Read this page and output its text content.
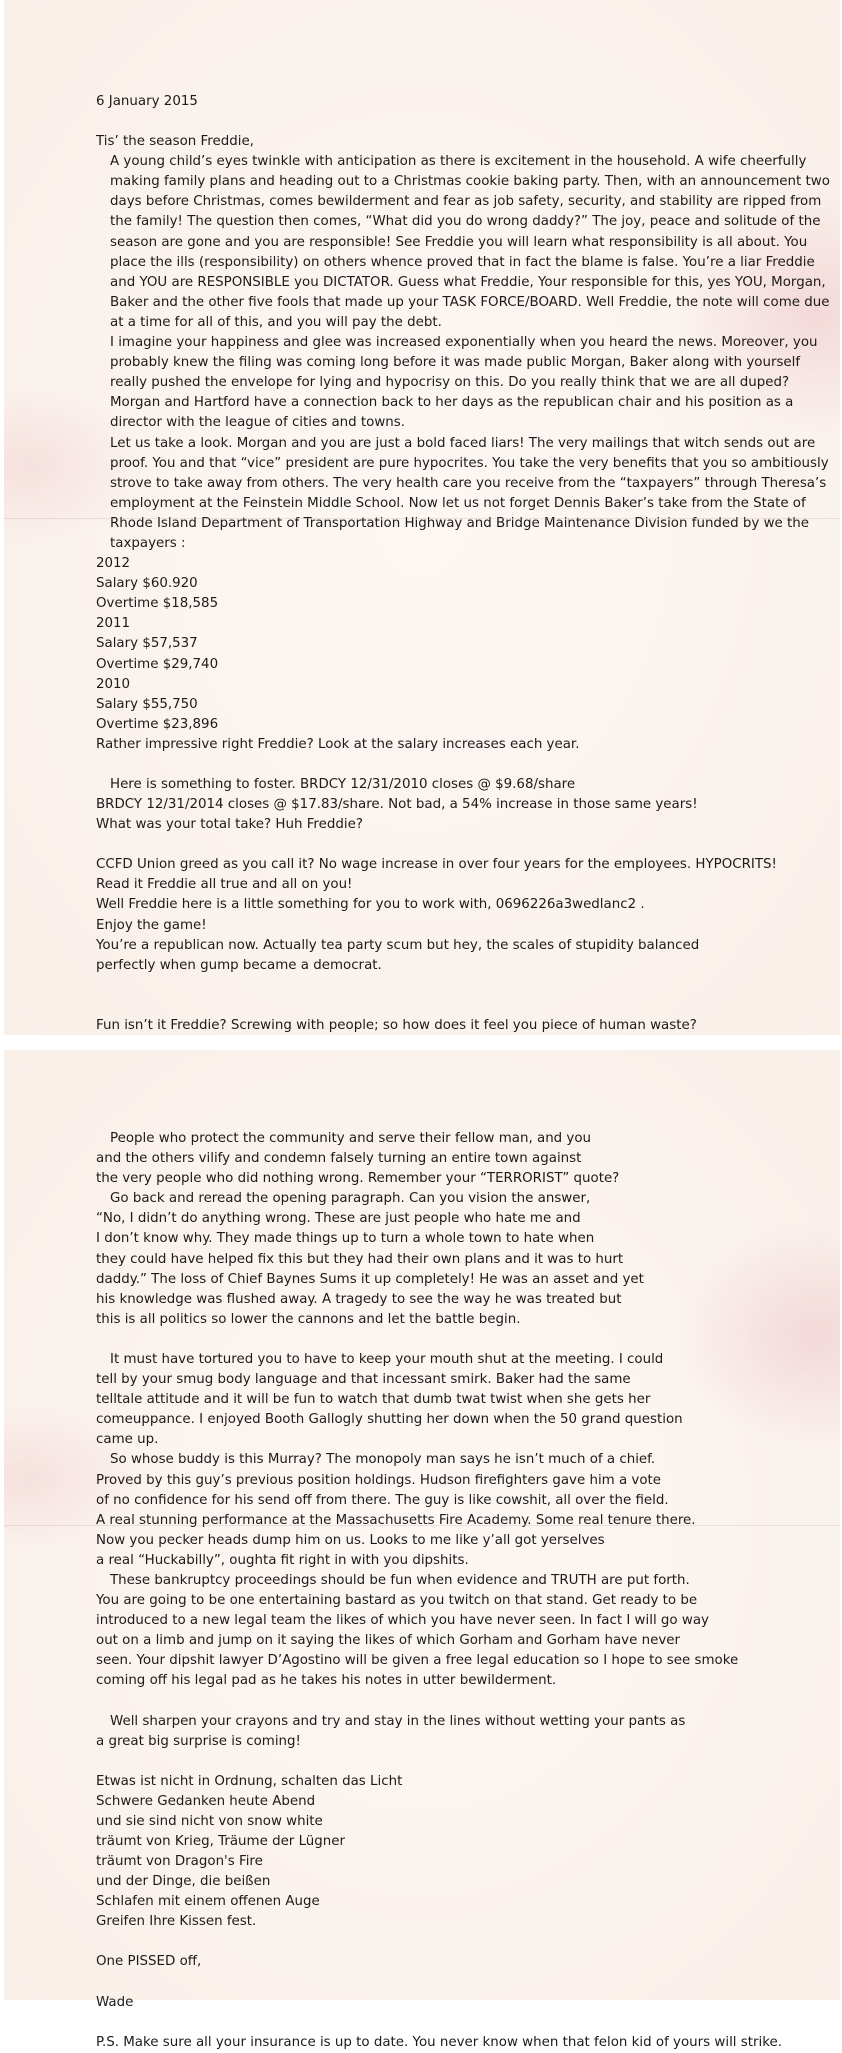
6 January 2015

Tis’ the season Freddie,

A young child’s eyes twinkle with anticipation as there is excitement in the household. A wife cheerfully making family plans and heading out to a Christmas cookie baking party. Then, with an announcement two days before Christmas, comes bewilderment and fear as job safety, security, and stability are ripped from the family! The question then comes, “What did you do wrong daddy?” The joy, peace and solitude of the season are gone and you are responsible! See Freddie you will learn what responsibility is all about. You place the ills (responsibility) on others whence proved that in fact the blame is false. You’re a liar Freddie and YOU are RESPONSIBLE you DICTATOR. Guess what Freddie, Your responsible for this, yes YOU, Morgan, Baker and the other five fools that made up your TASK FORCE/BOARD. Well Freddie, the note will come due at a time for all of this, and you will pay the debt.

I imagine your happiness and glee was increased exponentially when you heard the news. Moreover, you probably knew the filing was coming long before it was made public Morgan, Baker along with yourself really pushed the envelope for lying and hypocrisy on this. Do you really think that we are all duped? Morgan and Hartford have a connection back to her days as the republican chair and his position as a director with the league of cities and towns.

Let us take a look. Morgan and you are just a bold faced liars! The very mailings that witch sends out are proof. You and that “vice” president are pure hypocrites. You take the very benefits that you so ambitiously strove to take away from others. The very health care you receive from the “taxpayers” through Theresa’s employment at the Feinstein Middle School. Now let us not forget Dennis Baker’s take from the State of Rhode Island Department of Transportation Highway and Bridge Maintenance Division funded by we the taxpayers :

2012

Salary $60.920

Overtime $18,585

2011

Salary $57,537

Overtime $29,740

2010

Salary $55,750

Overtime $23,896

Rather impressive right Freddie? Look at the salary increases each year.

Here is something to foster. BRDCY 12/31/2010 closes @ $9.68/share

BRDCY 12/31/2014 closes @ $17.83/share. Not bad, a 54% increase in those same years!

What was your total take? Huh Freddie?

CCFD Union greed as you call it? No wage increase in over four years for the employees. HYPOCRITS!

Read it Freddie all true and all on you!

Well Freddie here is a little something for you to work with, 0696226a3wedlanc2 .

Enjoy the game!

You’re a republican now. Actually tea party scum but hey, the scales of stupidity balanced

perfectly when gump became a democrat.

Fun isn’t it Freddie? Screwing with people; so how does it feel you piece of human waste?

People who protect the community and serve their fellow man, and you

and the others vilify and condemn falsely turning an entire town against

the very people who did nothing wrong. Remember your “TERRORIST” quote?

Go back and reread the opening paragraph. Can you vision the answer,

“No, I didn’t do anything wrong. These are just people who hate me and

I don’t know why. They made things up to turn a whole town to hate when

they could have helped fix this but they had their own plans and it was to hurt

daddy.” The loss of Chief Baynes Sums it up completely! He was an asset and yet

his knowledge was flushed away. A tragedy to see the way he was treated but

this is all politics so lower the cannons and let the battle begin.

It must have tortured you to have to keep your mouth shut at the meeting. I could

tell by your smug body language and that incessant smirk. Baker had the same

telltale attitude and it will be fun to watch that dumb twat twist when she gets her

comeuppance. I enjoyed Booth Gallogly shutting her down when the 50 grand question

came up.

So whose buddy is this Murray? The monopoly man says he isn’t much of a chief.

Proved by this guy’s previous position holdings. Hudson firefighters gave him a vote

of no confidence for his send off from there. The guy is like cowshit, all over the field.

A real stunning performance at the Massachusetts Fire Academy. Some real tenure there.

Now you pecker heads dump him on us. Looks to me like y’all got yerselves

a real “Huckabilly”, oughta fit right in with you dipshits.

These bankruptcy proceedings should be fun when evidence and TRUTH are put forth.

You are going to be one entertaining bastard as you twitch on that stand. Get ready to be

introduced to a new legal team the likes of which you have never seen. In fact I will go way

out on a limb and jump on it saying the likes of which Gorham and Gorham have never

seen. Your dipshit lawyer D’Agostino will be given a free legal education so I hope to see smoke

coming off his legal pad as he takes his notes in utter bewilderment.

Well sharpen your crayons and try and stay in the lines without wetting your pants as

a great big surprise is coming!

Etwas ist nicht in Ordnung, schalten das Licht

Schwere Gedanken heute Abend

und sie sind nicht von snow white

träumt von Krieg, Träume der Lügner

träumt von Dragon's Fire

und der Dinge, die beißen

Schlafen mit einem offenen Auge

Greifen Ihre Kissen fest.

One PISSED off,

Wade

P.S. Make sure all your insurance is up to date. You never know when that felon kid of yours will strike.
